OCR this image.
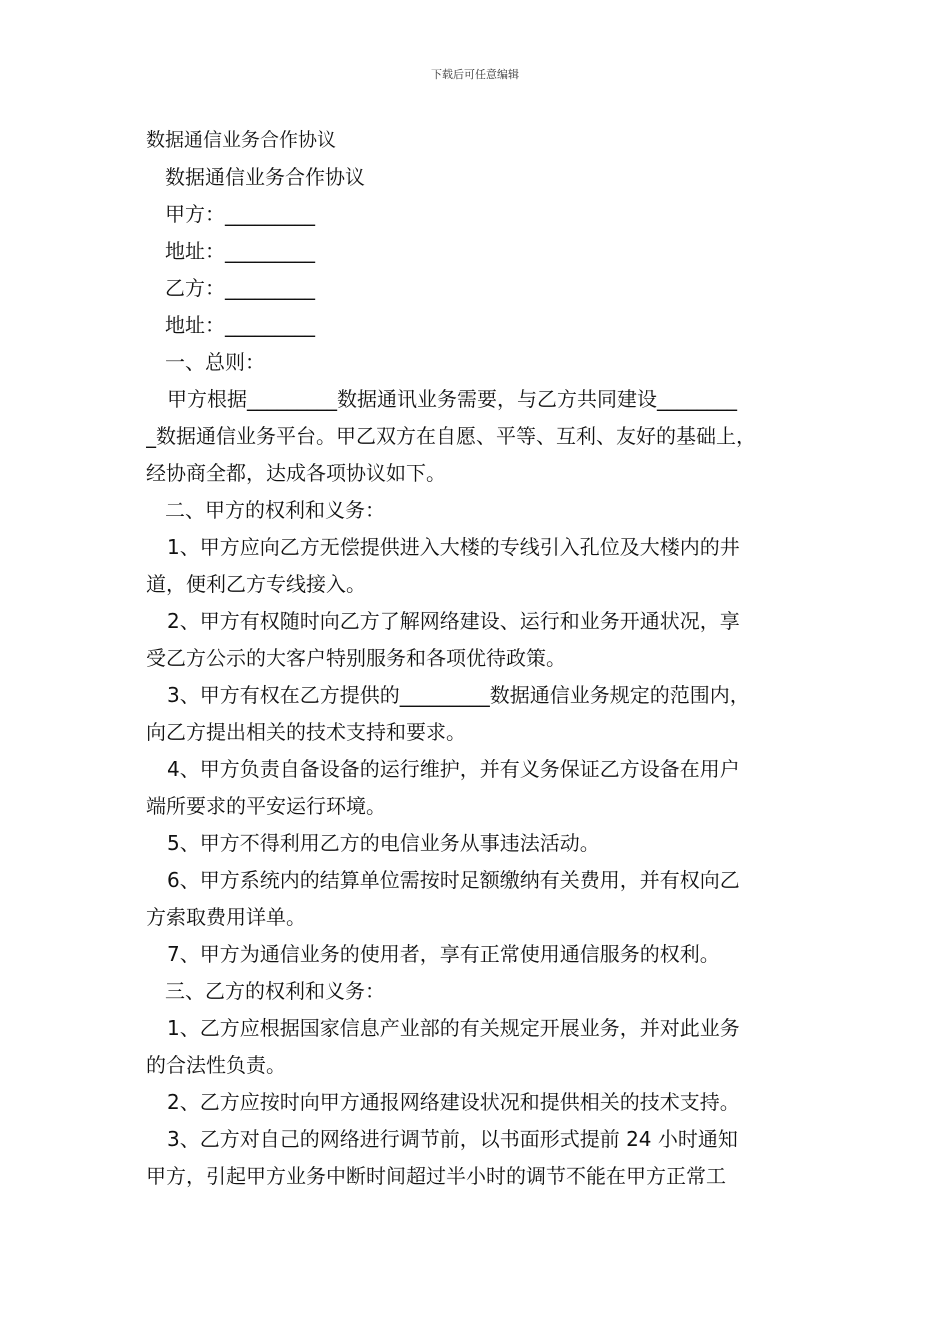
下载后可任意编辑
数据通信业务合作协议
数据通信业务合作协议
甲方：_________
地址：_________
乙方：_________
地址：_________
一、总则：
甲方根据_________数据通讯业务需要，与乙方共同建设________
_数据通信业务平台。甲乙双方在自愿、平等、互利、友好的基础上，
经协商全都，达成各项协议如下。
二、甲方的权利和义务：
1、甲方应向乙方无偿提供进入大楼的专线引入孔位及大楼内的井
道，便利乙方专线接入。
2、甲方有权随时向乙方了解网络建设、运行和业务开通状况，享
受乙方公示的大客户特别服务和各项优待政策。
3、甲方有权在乙方提供的_________数据通信业务规定的范围内，
向乙方提出相关的技术支持和要求。
4、甲方负责自备设备的运行维护，并有义务保证乙方设备在用户
端所要求的平安运行环境。
5、甲方不得利用乙方的电信业务从事违法活动。
6、甲方系统内的结算单位需按时足额缴纳有关费用，并有权向乙
方索取费用详单。
7、甲方为通信业务的使用者，享有正常使用通信服务的权利。
三、乙方的权利和义务：
1、乙方应根据国家信息产业部的有关规定开展业务，并对此业务
的合法性负责。
2、乙方应按时向甲方通报网络建设状况和提供相关的技术支持。
3、乙方对自己的网络进行调节前，以书面形式提前 24 小时通知
甲方，引起甲方业务中断时间超过半小时的调节不能在甲方正常工
